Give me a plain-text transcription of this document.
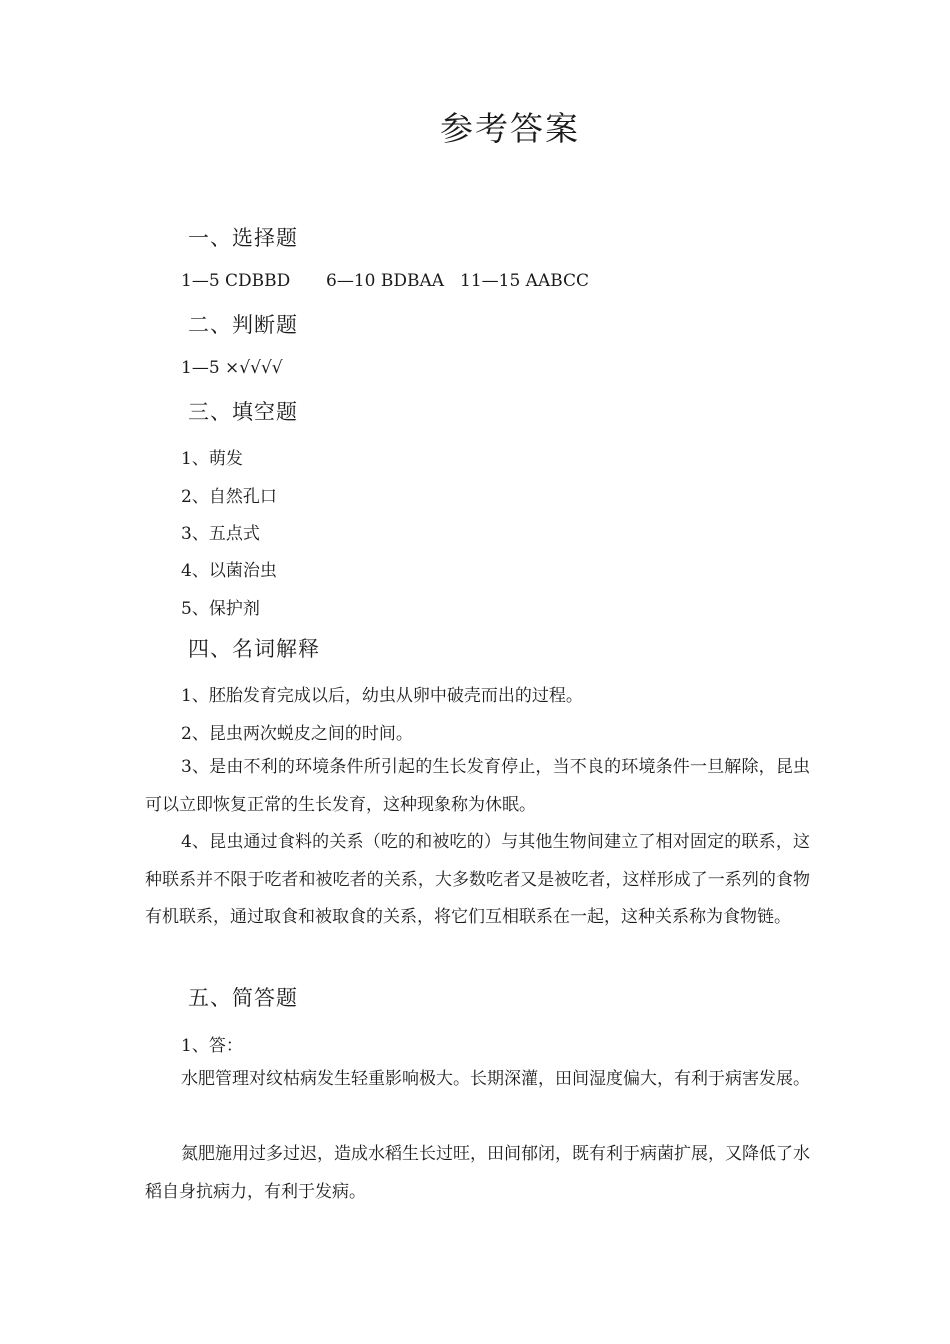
参考答案
一、选择题
1—5 CDBBD 6—10 BDBAA 11—15 AABCC
二、判断题
1—5 ×√√√√
三、填空题
1、萌发
2、自然孔口
3、五点式
4、以菌治虫
5、保护剂
四、名词解释
1、胚胎发育完成以后，幼虫从卵中破壳而出的过程。
2、昆虫两次蜕皮之间的时间。
3、是由不利的环境条件所引起的生长发育停止，当不良的环境条件一旦解除，昆虫可以立即恢复正常的生长发育，这种现象称为休眠。
4、昆虫通过食料的关系（吃的和被吃的）与其他生物间建立了相对固定的联系，这种联系并不限于吃者和被吃者的关系，大多数吃者又是被吃者，这样形成了一系列的食物有机联系，通过取食和被取食的关系，将它们互相联系在一起，这种关系称为食物链。
五、简答题
1、答：
水肥管理对纹枯病发生轻重影响极大。长期深灌，田间湿度偏大，有利于病害发展。
氮肥施用过多过迟，造成水稻生长过旺，田间郁闭，既有利于病菌扩展，又降低了水稻自身抗病力，有利于发病。
